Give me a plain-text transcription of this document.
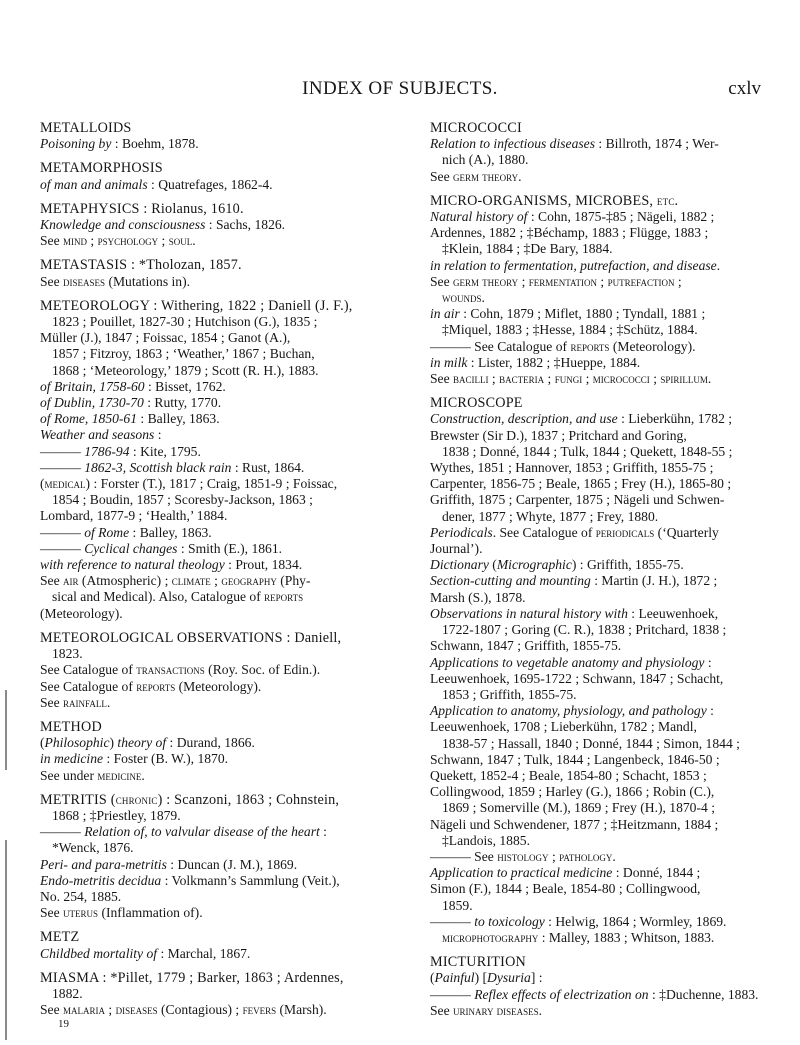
INDEX OF SUBJECTS.	cxlv
METALLOIDS
Poisoning by : Boehm, 1878.
METAMORPHOSIS
of man and animals : Quatrefages, 1862-4.
METAPHYSICS : Riolanus, 1610.
Knowledge and consciousness : Sachs, 1826.
See mind ; psychology ; soul.
METASTASIS : *Tholozan, 1857.
See diseases (Mutations in).
METEOROLOGY : Withering, 1822 ; Daniell (J. F.),
1823 ; Pouillet, 1827-30 ; Hutchison (G.), 1835 ;
Müller (J.), 1847 ; Foissac, 1854 ; Ganot (A.),
1857 ; Fitzroy, 1863 ; ‘Weather,’ 1867 ; Buchan,
1868 ; ‘Meteorology,’ 1879 ; Scott (R. H.), 1883.
of Britain, 1758-60 : Bisset, 1762.
of Dublin, 1730-70 : Rutty, 1770.
of Rome, 1850-61 : Balley, 1863.
Weather and seasons :
——— 1786-94 : Kite, 1795.
——— 1862-3, Scottish black rain : Rust, 1864.
(medical) : Forster (T.), 1817 ; Craig, 1851-9 ; Foissac,
1854 ; Boudin, 1857 ; Scoresby-Jackson, 1863 ;
Lombard, 1877-9 ; ‘Health,’ 1884.
——— of Rome : Balley, 1863.
——— Cyclical changes : Smith (E.), 1861.
with reference to natural theology : Prout, 1834.
See air (Atmospheric) ; climate ; geography (Phy-
sical and Medical). Also, Catalogue of reports
(Meteorology).
METEOROLOGICAL OBSERVATIONS : Daniell,
1823.
See Catalogue of transactions (Roy. Soc. of Edin.).
See Catalogue of reports (Meteorology).
See rainfall.
METHOD
(Philosophic) theory of : Durand, 1866.
in medicine : Foster (B. W.), 1870.
See under medicine.
METRITIS (chronic) : Scanzoni, 1863 ; Cohnstein,
1868 ; ‡Priestley, 1879.
——— Relation of, to valvular disease of the heart :
*Wenck, 1876.
Peri- and para-metritis : Duncan (J. M.), 1869.
Endo-metritis decidua : Volkmann’s Sammlung (Veit.),
No. 254, 1885.
See uterus (Inflammation of).
METZ
Childbed mortality of : Marchal, 1867.
MIASMA : *Pillet, 1779 ; Barker, 1863 ; Ardennes,
1882.
See malaria ; diseases (Contagious) ; fevers (Marsh).
19
MICROCOCCI
Relation to infectious diseases : Billroth, 1874 ; Wer-
nich (A.), 1880.
See germ theory.
MICRO-ORGANISMS, MICROBES, etc.
Natural history of : Cohn, 1875-‡85 ; Nägeli, 1882 ;
Ardennes, 1882 ; ‡Béchamp, 1883 ; Flügge, 1883 ;
‡Klein, 1884 ; ‡De Bary, 1884.
in relation to fermentation, putrefaction, and disease.
See germ theory ; fermentation ; putrefaction ;
wounds.
in air : Cohn, 1879 ; Miflet, 1880 ; Tyndall, 1881 ;
‡Miquel, 1883 ; ‡Hesse, 1884 ; ‡Schütz, 1884.
——— See Catalogue of reports (Meteorology).
in milk : Lister, 1882 ; ‡Hueppe, 1884.
See bacilli ; bacteria ; fungi ; micrococci ; spirillum.
MICROSCOPE
Construction, description, and use : Lieberkühn, 1782 ;
Brewster (Sir D.), 1837 ; Pritchard and Goring,
1838 ; Donné, 1844 ; Tulk, 1844 ; Quekett, 1848-55 ;
Wythes, 1851 ; Hannover, 1853 ; Griffith, 1855-75 ;
Carpenter, 1856-75 ; Beale, 1865 ; Frey (H.), 1865-80 ;
Griffith, 1875 ; Carpenter, 1875 ; Nägeli und Schwen-
dener, 1877 ; Whyte, 1877 ; Frey, 1880.
Periodicals. See Catalogue of periodicals (‘Quarterly
Journal’).
Dictionary (Micrographic) : Griffith, 1855-75.
Section-cutting and mounting : Martin (J. H.), 1872 ;
Marsh (S.), 1878.
Observations in natural history with : Leeuwenhoek,
1722-1807 ; Goring (C. R.), 1838 ; Pritchard, 1838 ;
Schwann, 1847 ; Griffith, 1855-75.
Applications to vegetable anatomy and physiology :
Leeuwenhoek, 1695-1722 ; Schwann, 1847 ; Schacht,
1853 ; Griffith, 1855-75.
Application to anatomy, physiology, and pathology :
Leeuwenhoek, 1708 ; Lieberkühn, 1782 ; Mandl,
1838-57 ; Hassall, 1840 ; Donné, 1844 ; Simon, 1844 ;
Schwann, 1847 ; Tulk, 1844 ; Langenbeck, 1846-50 ;
Quekett, 1852-4 ; Beale, 1854-80 ; Schacht, 1853 ;
Collingwood, 1859 ; Harley (G.), 1866 ; Robin (C.),
1869 ; Somerville (M.), 1869 ; Frey (H.), 1870-4 ;
Nägeli und Schwendener, 1877 ; ‡Heitzmann, 1884 ;
‡Landois, 1885.
——— See histology ; pathology.
Application to practical medicine : Donné, 1844 ;
Simon (F.), 1844 ; Beale, 1854-80 ; Collingwood,
1859.
——— to toxicology : Helwig, 1864 ; Wormley, 1869.
microphotography : Malley, 1883 ; Whitson, 1883.
MICTURITION
(Painful) [Dysuria] :
——— Reflex effects of electrization on : ‡Duchenne, 1883.
See urinary diseases.
